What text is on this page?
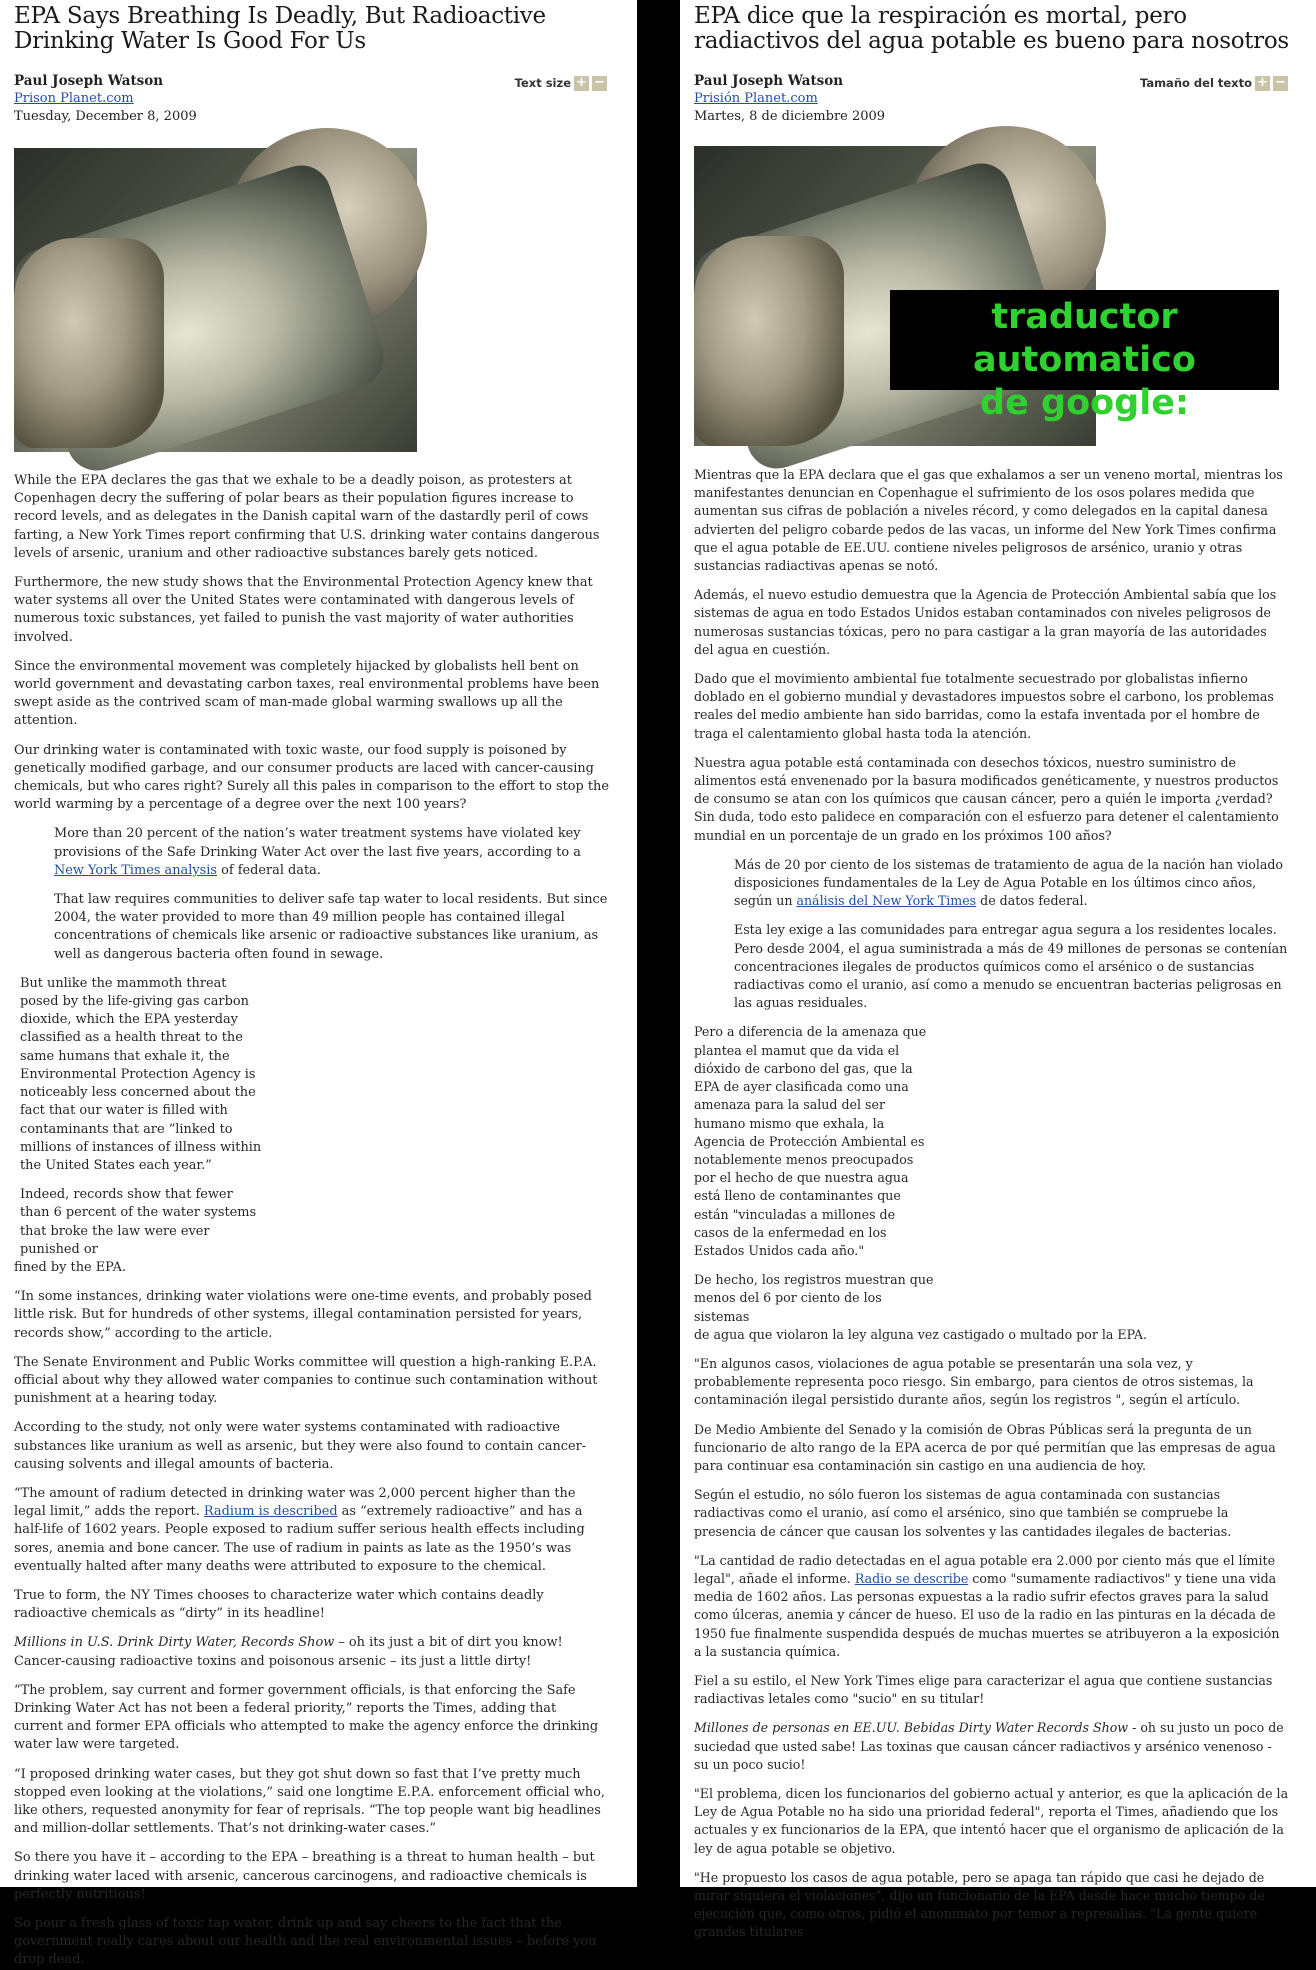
EPA Says Breathing Is Deadly, But Radioactive Drinking Water Is Good For Us
Paul Joseph Watson
Prison Planet.com
Tuesday, December 8, 2009
Text size + −

While the EPA declares the gas that we exhale to be a deadly poison, as protesters at Copenhagen decry the suffering of polar bears as their population figures increase to record levels, and as delegates in the Danish capital warn of the dastardly peril of cows farting, a New York Times report confirming that U.S. drinking water contains dangerous levels of arsenic, uranium and other radioactive substances barely gets noticed.

Furthermore, the new study shows that the Environmental Protection Agency knew that water systems all over the United States were contaminated with dangerous levels of numerous toxic substances, yet failed to punish the vast majority of water authorities involved.

Since the environmental movement was completely hijacked by globalists hell bent on world government and devastating carbon taxes, real environmental problems have been swept aside as the contrived scam of man-made global warming swallows up all the attention.

Our drinking water is contaminated with toxic waste, our food supply is poisoned by genetically modified garbage, and our consumer products are laced with cancer-causing chemicals, but who cares right? Surely all this pales in comparison to the effort to stop the world warming by a percentage of a degree over the next 100 years?

More than 20 percent of the nation’s water treatment systems have violated key provisions of the Safe Drinking Water Act over the last five years, according to a New York Times analysis of federal data.

That law requires communities to deliver safe tap water to local residents. But since 2004, the water provided to more than 49 million people has contained illegal concentrations of chemicals like arsenic or radioactive substances like uranium, as well as dangerous bacteria often found in sewage.

But unlike the mammoth threat posed by the life-giving gas carbon dioxide, which the EPA yesterday classified as a health threat to the same humans that exhale it, the Environmental Protection Agency is noticeably less concerned about the fact that our water is filled with contaminants that are “linked to millions of instances of illness within the United States each year.”

Indeed, records show that fewer than 6 percent of the water systems that broke the law were ever punished or

fined by the EPA.

“In some instances, drinking water violations were one-time events, and probably posed little risk. But for hundreds of other systems, illegal contamination persisted for years, records show,” according to the article.

The Senate Environment and Public Works committee will question a high-ranking E.P.A. official about why they allowed water companies to continue such contamination without punishment at a hearing today.

According to the study, not only were water systems contaminated with radioactive substances like uranium as well as arsenic, but they were also found to contain cancer-causing solvents and illegal amounts of bacteria.

“The amount of radium detected in drinking water was 2,000 percent higher than the legal limit,” adds the report. Radium is described as “extremely radioactive” and has a half-life of 1602 years. People exposed to radium suffer serious health effects including sores, anemia and bone cancer. The use of radium in paints as late as the 1950’s was eventually halted after many deaths were attributed to exposure to the chemical.

True to form, the NY Times chooses to characterize water which contains deadly radioactive chemicals as “dirty” in its headline!

Millions in U.S. Drink Dirty Water, Records Show – oh its just a bit of dirt you know! Cancer-causing radioactive toxins and poisonous arsenic – its just a little dirty!

“The problem, say current and former government officials, is that enforcing the Safe Drinking Water Act has not been a federal priority,” reports the Times, adding that current and former EPA officials who attempted to make the agency enforce the drinking water law were targeted.

“I proposed drinking water cases, but they got shut down so fast that I’ve pretty much stopped even looking at the violations,” said one longtime E.P.A. enforcement official who, like others, requested anonymity for fear of reprisals. “The top people want big headlines and million-dollar settlements. That’s not drinking-water cases.”

So there you have it – according to the EPA – breathing is a threat to human health – but drinking water laced with arsenic, cancerous carcinogens, and radioactive chemicals is perfectly nutritious!

So pour a fresh glass of toxic tap water, drink up and say cheers to the fact that the government really cares about our health and the real environmental issues – before you drop dead.

EPA dice que la respiración es mortal, pero radiactivos del agua potable es bueno para nosotros
Paul Joseph Watson
Prisión Planet.com
Martes, 8 de diciembre 2009
Tamaño del texto + −

Mientras que la EPA declara que el gas que exhalamos a ser un veneno mortal, mientras los manifestantes denuncian en Copenhague el sufrimiento de los osos polares medida que aumentan sus cifras de población a niveles récord, y como delegados en la capital danesa advierten del peligro cobarde pedos de las vacas, un informe del New York Times confirma que el agua potable de EE.UU. contiene niveles peligrosos de arsénico, uranio y otras sustancias radiactivas apenas se notó.

Además, el nuevo estudio demuestra que la Agencia de Protección Ambiental sabía que los sistemas de agua en todo Estados Unidos estaban contaminados con niveles peligrosos de numerosas sustancias tóxicas, pero no para castigar a la gran mayoría de las autoridades del agua en cuestión.

Dado que el movimiento ambiental fue totalmente secuestrado por globalistas infierno doblado en el gobierno mundial y devastadores impuestos sobre el carbono, los problemas reales del medio ambiente han sido barridas, como la estafa inventada por el hombre de traga el calentamiento global hasta toda la atención.

Nuestra agua potable está contaminada con desechos tóxicos, nuestro suministro de alimentos está envenenado por la basura modificados genéticamente, y nuestros productos de consumo se atan con los químicos que causan cáncer, pero a quién le importa ¿verdad? Sin duda, todo esto palidece en comparación con el esfuerzo para detener el calentamiento mundial en un porcentaje de un grado en los próximos 100 años?

Más de 20 por ciento de los sistemas de tratamiento de agua de la nación han violado disposiciones fundamentales de la Ley de Agua Potable en los últimos cinco años, según un análisis del New York Times de datos federal.

Esta ley exige a las comunidades para entregar agua segura a los residentes locales. Pero desde 2004, el agua suministrada a más de 49 millones de personas se contenían concentraciones ilegales de productos químicos como el arsénico o de sustancias radiactivas como el uranio, así como a menudo se encuentran bacterias peligrosas en las aguas residuales.

Pero a diferencia de la amenaza que plantea el mamut que da vida el dióxido de carbono del gas, que la EPA de ayer clasificada como una amenaza para la salud del ser humano mismo que exhala, la Agencia de Protección Ambiental es notablemente menos preocupados por el hecho de que nuestra agua está lleno de contaminantes que están "vinculadas a millones de casos de la enfermedad en los Estados Unidos cada año."

De hecho, los registros muestran que menos del 6 por ciento de los sistemas

de agua que violaron la ley alguna vez castigado o multado por la EPA.

"En algunos casos, violaciones de agua potable se presentarán una sola vez, y probablemente representa poco riesgo. Sin embargo, para cientos de otros sistemas, la contaminación ilegal persistido durante años, según los registros ", según el artículo.

De Medio Ambiente del Senado y la comisión de Obras Públicas será la pregunta de un funcionario de alto rango de la EPA acerca de por qué permitían que las empresas de agua para continuar esa contaminación sin castigo en una audiencia de hoy.

Según el estudio, no sólo fueron los sistemas de agua contaminada con sustancias radiactivas como el uranio, así como el arsénico, sino que también se compruebe la presencia de cáncer que causan los solventes y las cantidades ilegales de bacterias.

"La cantidad de radio detectadas en el agua potable era 2.000 por ciento más que el límite legal", añade el informe. Radio se describe como "sumamente radiactivos" y tiene una vida media de 1602 años. Las personas expuestas a la radio sufrir efectos graves para la salud como úlceras, anemia y cáncer de hueso. El uso de la radio en las pinturas en la década de 1950 fue finalmente suspendida después de muchas muertes se atribuyeron a la exposición a la sustancia química.

Fiel a su estilo, el New York Times elige para caracterizar el agua que contiene sustancias radiactivas letales como "sucio" en su titular!

Millones de personas en EE.UU. Bebidas Dirty Water Records Show - oh su justo un poco de suciedad que usted sabe! Las toxinas que causan cáncer radiactivos y arsénico venenoso - su un poco sucio!

"El problema, dicen los funcionarios del gobierno actual y anterior, es que la aplicación de la Ley de Agua Potable no ha sido una prioridad federal", reporta el Times, añadiendo que los actuales y ex funcionarios de la EPA, que intentó hacer que el organismo de aplicación de la ley de agua potable se objetivo.

"He propuesto los casos de agua potable, pero se apaga tan rápido que casi he dejado de mirar siquiera el violaciones", dijo un funcionario de la EPA desde hace mucho tiempo de ejecución que, como otros, pidió el anonimato por temor a represalias. "La gente quiere grandes titulares

traductor automatico
de google:
